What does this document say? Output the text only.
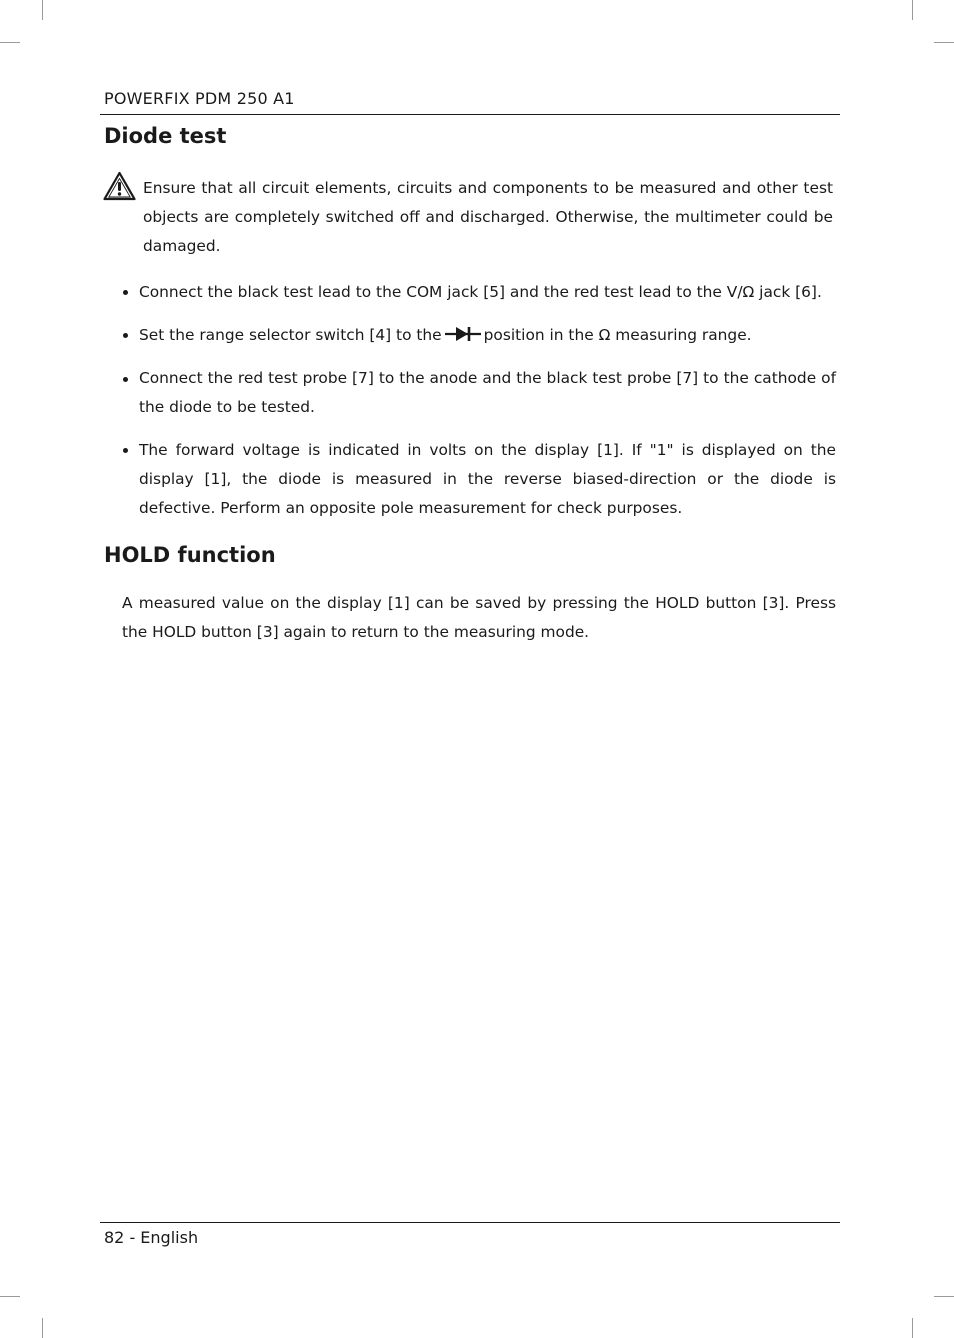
POWERFIX PDM 250 A1
Diode test

Ensure that all circuit elements, circuits and components to be measured and other test objects are completely switched off and discharged. Otherwise, the multimeter could be damaged.

Connect the black test lead to the COM jack [5] and the red test lead to the V/Ω jack [6].

Set the range selector switch [4] to the	position in the Ω measuring range.

Connect the red test probe [7] to the anode and the black test probe [7] to the cathode of the diode to be tested.

The forward voltage is indicated in volts on the display [1]. If "1" is displayed on the display [1], the diode is measured in the reverse biased-direction or the diode is defective. Perform an opposite pole measurement for check purposes.

HOLD function

A measured value on the display [1] can be saved by pressing the HOLD button [3]. Press the HOLD button [3] again to return to the measuring mode.

82 - English
